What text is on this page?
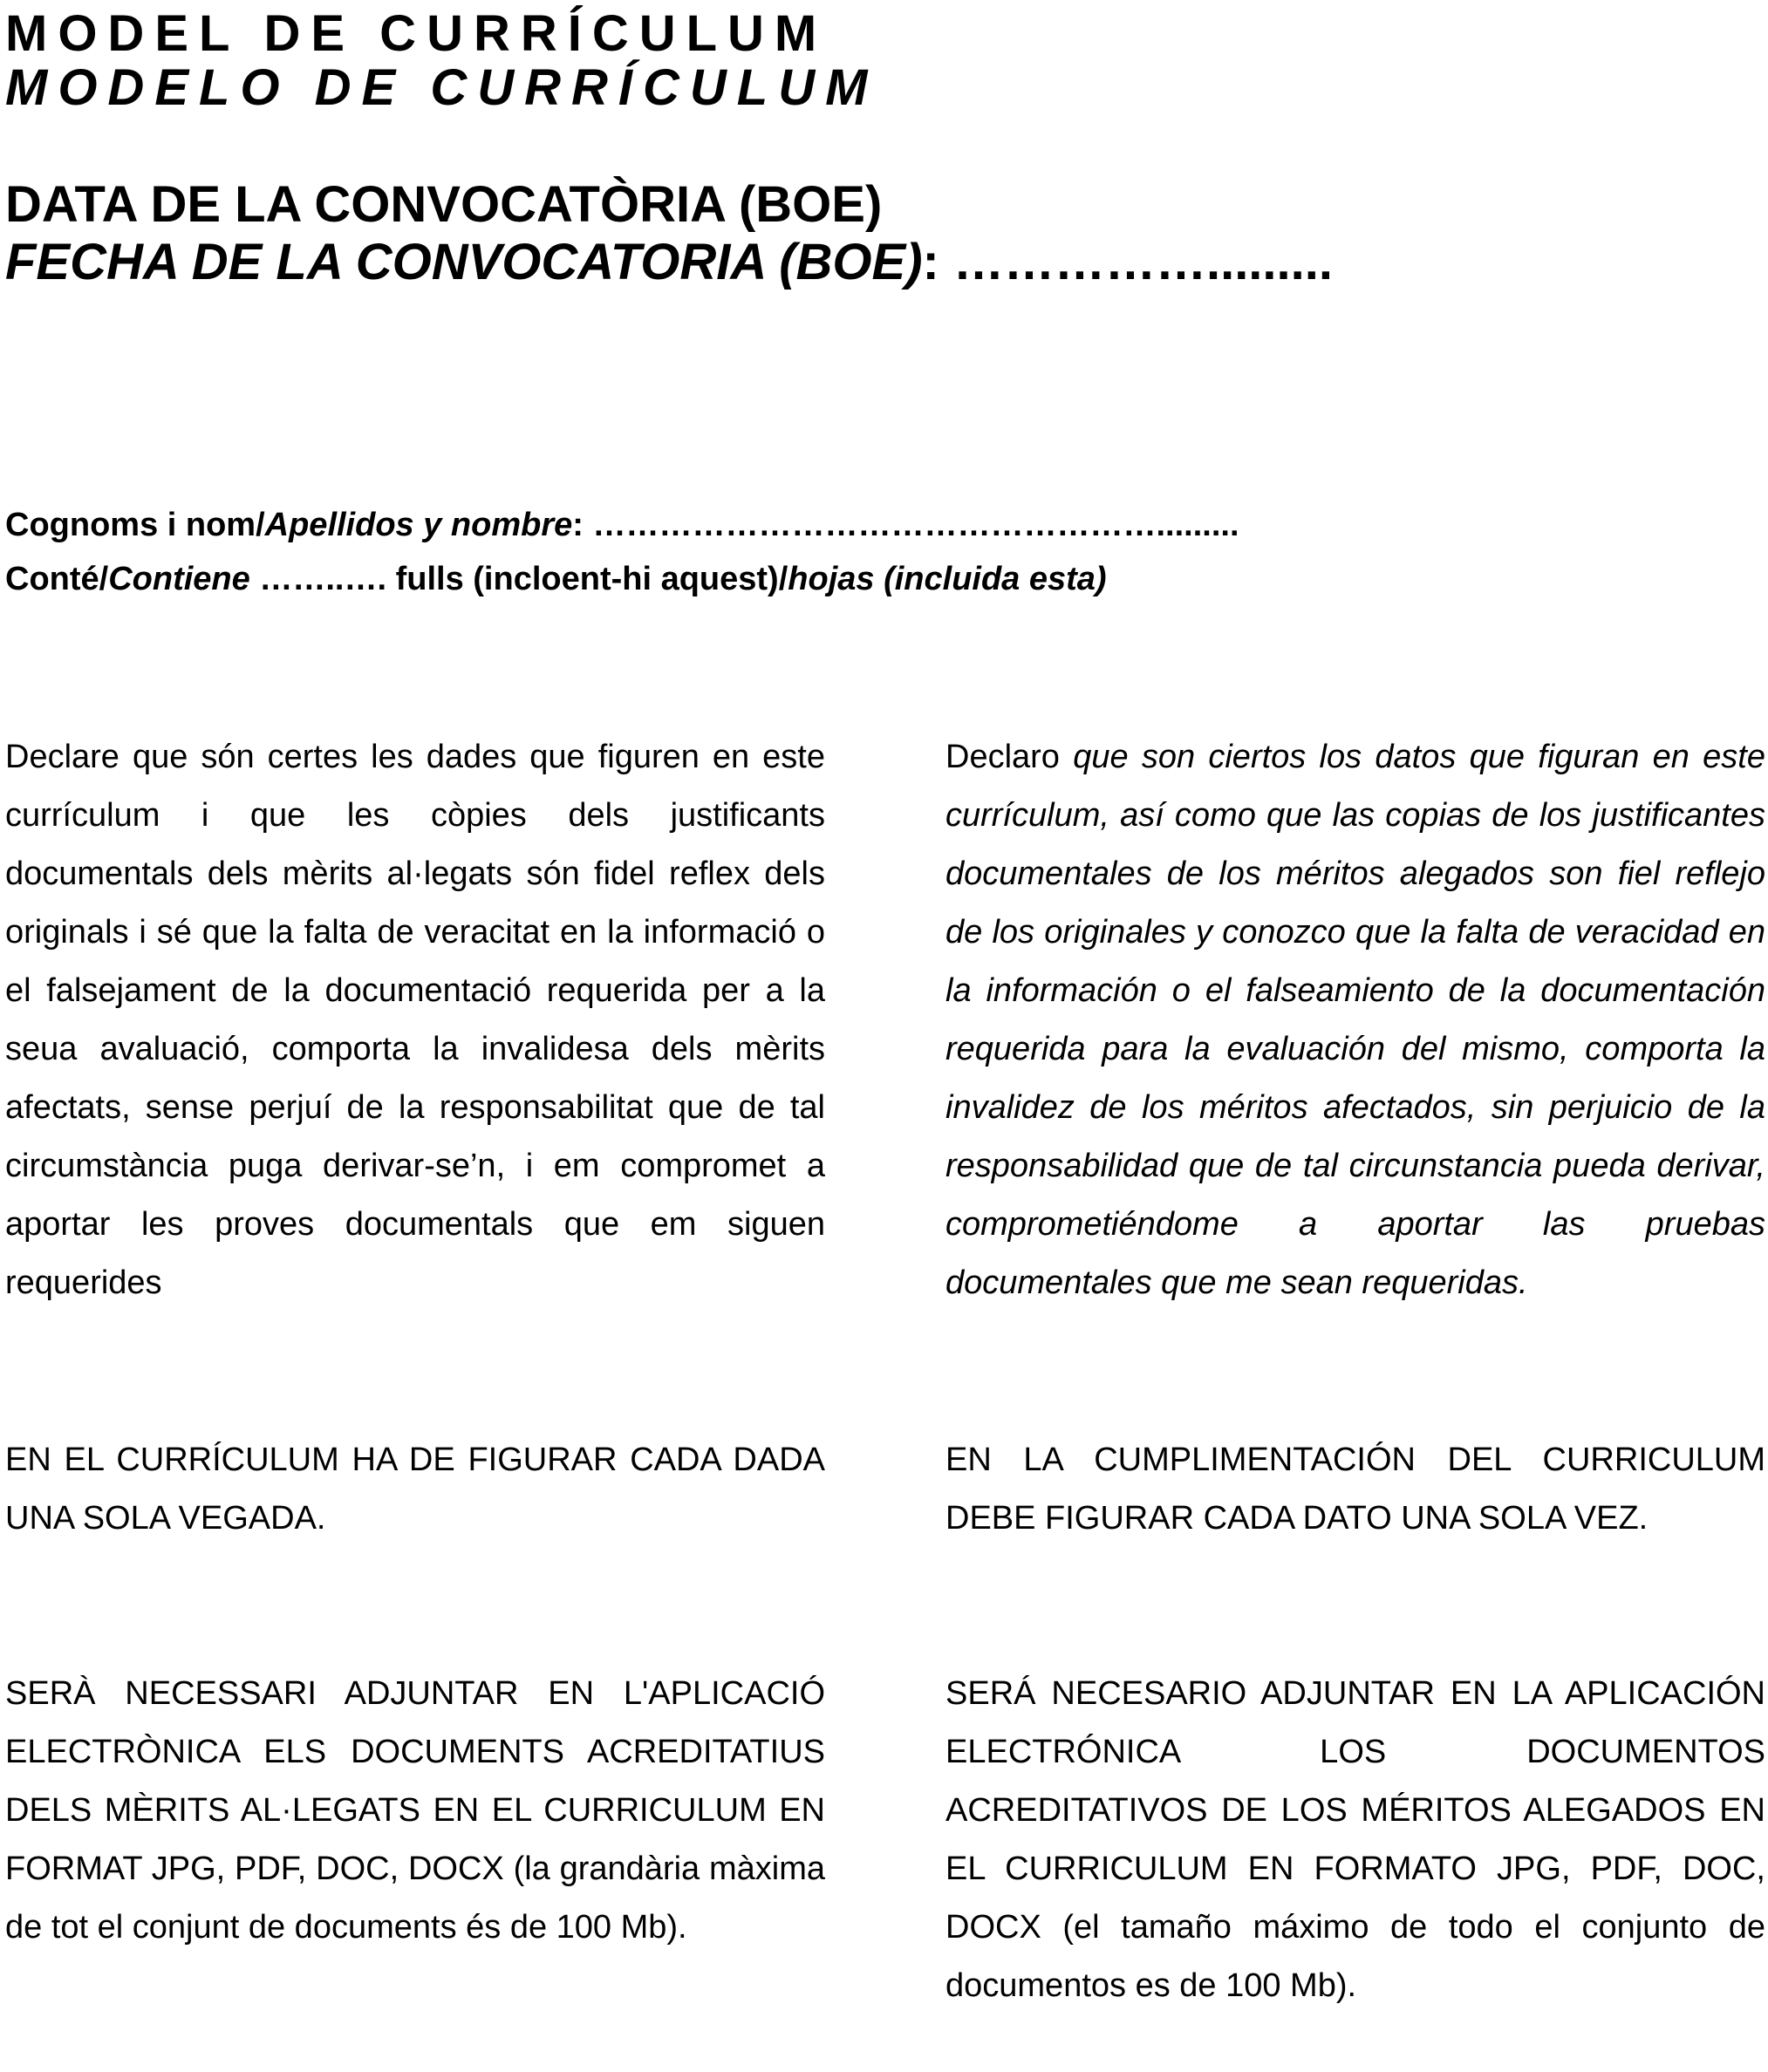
MODEL DE CURRÍCULUM
MODELO DE CURRÍCULUM
DATA DE LA CONVOCATÒRIA (BOE)
FECHA DE LA CONVOCATORIA (BOE): …………….........
Cognoms i nom/Apellidos y nombre: …………………………………………….........
Conté/Contiene ……..…. fulls (incloent-hi aquest)/hojas (incluida esta)

Declare que són certes les dades que figuren en este currículum i que les còpies dels justificants documentals dels mèrits al·legats són fidel reflex dels originals i sé que la falta de veracitat en la informació o el falsejament de la documentació requerida per a la seua avaluació, comporta la invalidesa dels mèrits afectats, sense perjuí de la responsabilitat que de tal circumstància puga derivar-se’n, i em compromet a aportar les proves documentals que em siguen requerides

Declaro que son ciertos los datos que figuran en este currículum, así como que las copias de los justificantes documentales de los méritos alegados son fiel reflejo de los originales y conozco que la falta de veracidad en la información o el falseamiento de la documentación requerida para la evaluación del mismo, comporta la invalidez de los méritos afectados, sin perjuicio de la responsabilidad que de tal circunstancia pueda derivar, comprometiéndome a aportar las pruebas documentales que me sean requeridas.

EN EL CURRÍCULUM HA DE FIGURAR CADA DADA UNA SOLA VEGADA.

EN LA CUMPLIMENTACIÓN DEL CURRICULUM DEBE FIGURAR CADA DATO UNA SOLA VEZ.

SERÀ NECESSARI ADJUNTAR EN L'APLICACIÓ ELECTRÒNICA ELS DOCUMENTS ACREDITATIUS DELS MÈRITS AL·LEGATS EN EL CURRICULUM EN FORMAT JPG, PDF, DOC, DOCX (la grandària màxima de tot el conjunt de documents és de 100 Mb).

SERÁ NECESARIO ADJUNTAR EN LA APLICACIÓN ELECTRÓNICA LOS DOCUMENTOS ACREDITATIVOS DE LOS MÉRITOS ALEGADOS EN EL CURRICULUM EN FORMATO JPG, PDF, DOC, DOCX (el tamaño máximo de todo el conjunto de documentos es de 100 Mb).
